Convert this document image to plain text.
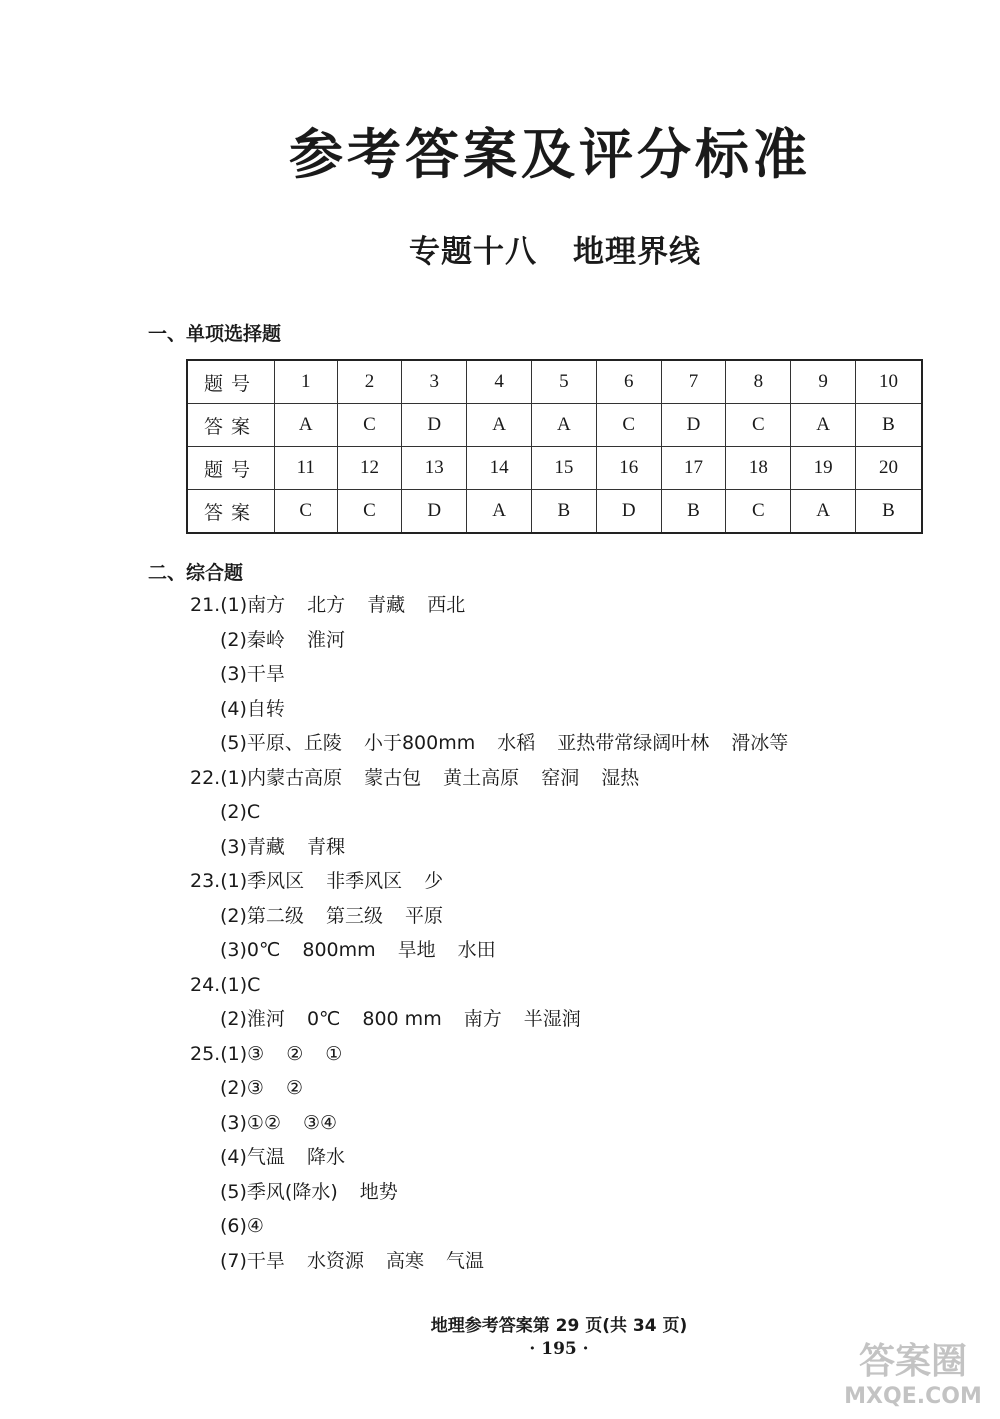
参考答案及评分标准
专题十八 地理界线
一、单项选择题
题号	1	2	3	4	5	6	7	8	9	10
答案	A	C	D	A	A	C	D	C	A	B
题号	11	12	13	14	15	16	17	18	19	20
答案	C	C	D	A	B	D	B	C	A	B
二、综合题
21.(1)南方 北方 青藏 西北
(2)秦岭 淮河
(3)干旱
(4)自转
(5)平原、丘陵 小于800mm 水稻 亚热带常绿阔叶林 滑冰等
22.(1)内蒙古高原 蒙古包 黄土高原 窑洞 湿热
(2)C
(3)青藏 青稞
23.(1)季风区 非季风区 少
(2)第二级 第三级 平原
(3)0℃ 800mm 旱地 水田
24.(1)C
(2)淮河 0℃ 800 mm 南方 半湿润
25.(1)③ ② ①
(2)③ ②
(3)①② ③④
(4)气温 降水
(5)季风(降水) 地势
(6)④
(7)干旱 水资源 高寒 气温
地理参考答案第 29 页(共 34 页)
· 195 ·	答案圈
MXQE.COM
